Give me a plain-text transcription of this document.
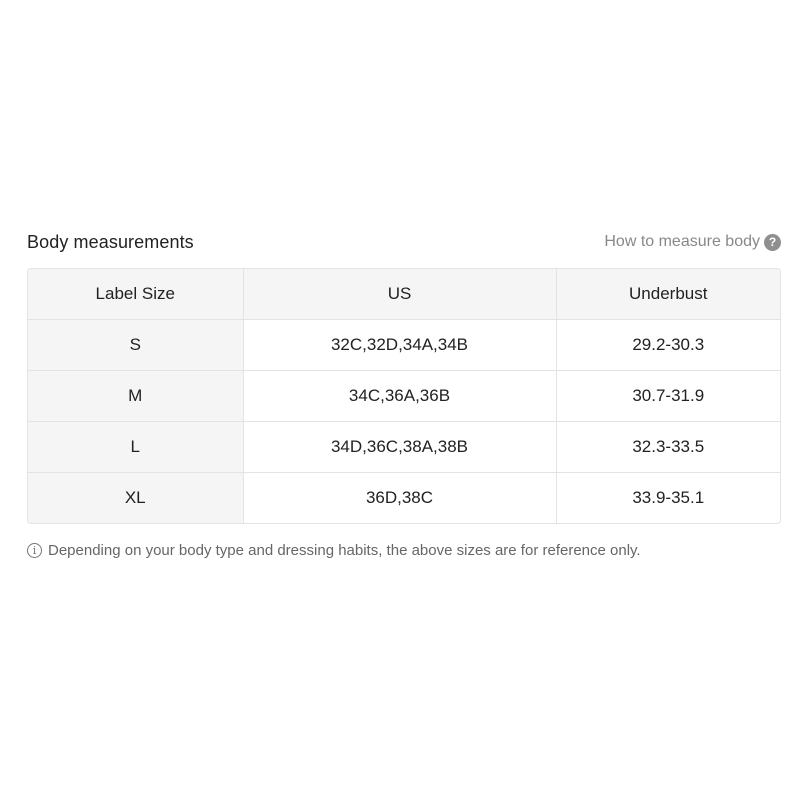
Body measurements	How to measure body ?
Label Size	US	Underbust
S	32C,32D,34A,34B	29.2-30.3
M	34C,36A,36B	30.7-31.9
L	34D,36C,38A,38B	32.3-33.5
XL	36D,38C	33.9-35.1
i Depending on your body type and dressing habits, the above sizes are for reference only.
